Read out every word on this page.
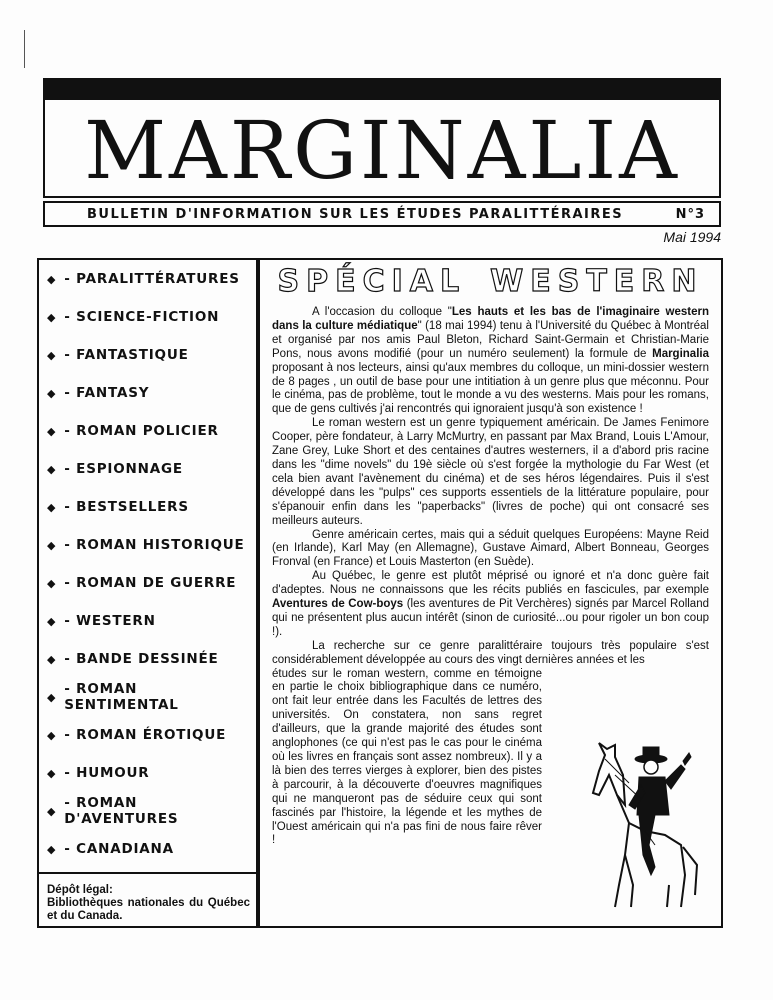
MARGINALIA
BULLETIN D'INFORMATION SUR LES ÉTUDES PARALITTÉRAIRES	N°3
Mai 1994
◆ - PARALITTÉRATURES
◆ - SCIENCE-FICTION
◆ - FANTASTIQUE
◆ - FANTASY
◆ - ROMAN POLICIER
◆ - ESPIONNAGE
◆ - BESTSELLERS
◆ - ROMAN HISTORIQUE
◆ - ROMAN DE GUERRE
◆ - WESTERN
◆ - BANDE DESSINÉE
◆ - ROMAN SENTIMENTAL
◆ - ROMAN ÉROTIQUE
◆ - HUMOUR
◆ - ROMAN D'AVENTURES
◆ - CANADIANA
Dépôt légal:
Bibliothèques nationales du Québec et du Canada.
SPÉCIAL WESTERN

A l'occasion du colloque "Les hauts et les bas de l'imaginaire western dans la culture médiatique" (18 mai 1994) tenu à l'Université du Québec à Montréal et organisé par nos amis Paul Bleton, Richard Saint-Germain et Christian-Marie Pons, nous avons modifié (pour un numéro seulement) la formule de Marginalia proposant à nos lecteurs, ainsi qu'aux membres du colloque, un mini-dossier western de 8 pages , un outil de base pour une intitiation à un genre plus que méconnu. Pour le cinéma, pas de problème, tout le monde a vu des westerns. Mais pour les romans, que de gens cultivés j'ai rencontrés qui ignoraient jusqu'à son existence !

Le roman western est un genre typiquement américain. De James Fenimore Cooper, père fondateur, à Larry McMurtry, en passant par Max Brand, Louis L'Amour, Zane Grey, Luke Short et des centaines d'autres westerners, il a d'abord pris racine dans les "dime novels" du 19è siècle où s'est forgée la mythologie du Far West (et cela bien avant l'avènement du cinéma) et de ses héros légendaires. Puis il s'est développé dans les "pulps" ces supports essentiels de la littérature populaire, pour s'épanouir enfin dans les "paperbacks" (livres de poche) qui ont consacré ses meilleurs auteurs.

Genre américain certes, mais qui a séduit quelques Européens: Mayne Reid (en Irlande), Karl May (en Allemagne), Gustave Aimard, Albert Bonneau, Georges Fronval (en France) et Louis Masterton (en Suède).

Au Québec, le genre est plutôt méprisé ou ignoré et n'a donc guère fait d'adeptes. Nous ne connaissons que les récits publiés en fascicules, par exemple Aventures de Cow-boys (les aventures de Pit Verchères) signés par Marcel Rolland qui ne présentent plus aucun intérêt (sinon de curiosité...ou pour rigoler un bon coup !).

La recherche sur ce genre paralittéraire toujours très populaire s'est considérablement développée au cours des vingt dernières années et les

études sur le roman western, comme en témoigne en partie le choix bibliographique dans ce numéro, ont fait leur entrée dans les Facultés de lettres des universités. On constatera, non sans regret d'ailleurs, que la grande majorité des études sont anglophones (ce qui n'est pas le cas pour le cinéma où les livres en français sont assez nombreux). Il y a là bien des terres vierges à explorer, bien des pistes à parcourir, à la découverte d'oeuvres magnifiques qui ne manqueront pas de séduire ceux qui sont fascinés par l'histoire, la légende et les mythes de l'Ouest américain qui n'a pas fini de nous faire rêver !
